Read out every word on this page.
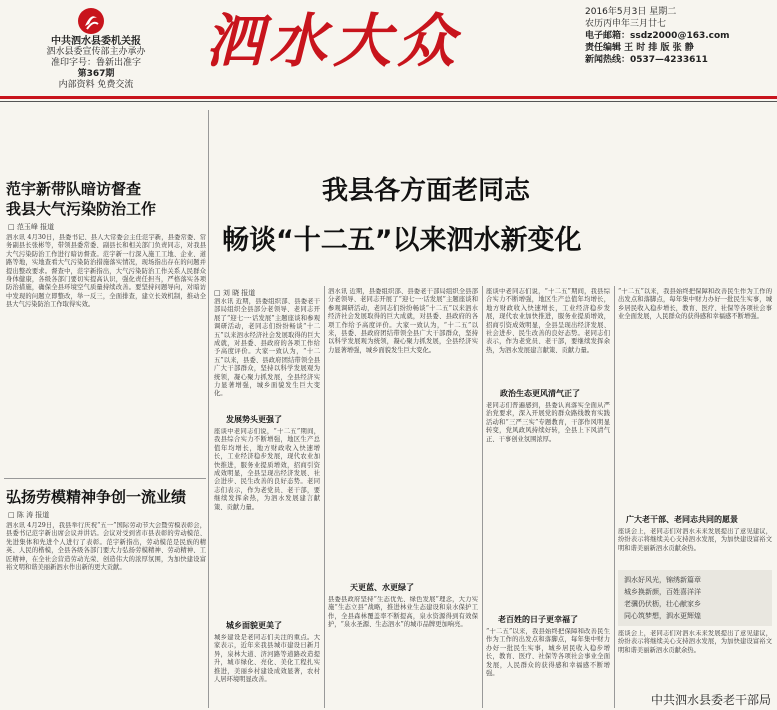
中共泗水县委机关报
泗水县委宣传部主办承办
准印字号：鲁新出准字
第367期
内部资料 免费交流
泗水大众	2016年5月3日 星期二
农历丙申年三月廿七
电子邮箱：ssdz2000@163.com
责任编辑 王 时 排 版 张 静
新闻热线：0537—4233611
范宇新带队暗访督查
我县大气污染防治工作
□ 范玉峰 报道
泗水讯 4月30日，县委书记、县人大常委会主任范宇新，县委常委、常务副县长张彬等，带领县委常委、副县长和相关部门负责同志，对我县大气污染防治工作进行暗访督查。范宇新一行深入施工工地、企业、道路等地，实地查看大气污染防治措施落实情况，现场指出存在的问题并提出整改要求。督查中，范宇新指出，大气污染防治工作关系人民群众身体健康，各级各部门要切实提高认识，强化责任担当，严格落实各项防治措施，确保全县环境空气质量持续改善。要坚持问题导向，对暗访中发现的问题立即整改，举一反三，全面排查，建立长效机制，推动全县大气污染防治工作取得实效。
弘扬劳模精神争创一流业绩
□ 陈 涛 报道
泗水讯 4月29日，我县举行庆祝“五一”国际劳动节大会暨劳模表彰会，县委书记范宇新出席会议并讲话。会议对受到省市县表彰的劳动模范、先进集体和先进个人进行了表彰。范宇新指出，劳动模范是民族的精英、人民的楷模，全县各级各部门要大力弘扬劳模精神、劳动精神、工匠精神，在全社会营造劳动光荣、创造伟大的浓厚氛围，为加快建设富裕文明和谐美丽新泗水作出新的更大贡献。
我县各方面老同志
畅谈“十二五”以来泗水新变化
□ 刘 晓 报道
泗水讯 近期，县委组织部、县委老干部局组织全县部分老领导、老同志开展了“迎七一·话发展”主题座谈和参观调研活动，老同志们纷纷畅谈“十二五”以来泗水经济社会发展取得的巨大成就，对县委、县政府的各项工作给予高度评价。大家一致认为，“十二五”以来，县委、县政府团结带领全县广大干部群众，坚持以科学发展观为统领，凝心聚力抓发展，全县经济实力显著增强，城乡面貌发生巨大变化。
发展势头更强了
座谈中老同志们说，“十二五”期间，我县综合实力不断增强，地区生产总值年均增长，地方财政收入快速增长，工业经济稳步发展，现代农业加快推进，服务业提质增效，招商引资成效明显，全县呈现出经济发展、社会进步、民生改善的良好态势。老同志们表示，作为老党员、老干部，要继续发挥余热，为泗水发展建言献策、贡献力量。
城乡面貌更美了
城乡建设是老同志们关注的重点。大家表示，近年来我县城市建设日新月异，泉林大道、济河路等道路改造提升，城市绿化、亮化、美化工程扎实推进，美丽乡村建设成效显著，农村人居环境明显改善。
泗水讯 近期，县委组织部、县委老干部局组织全县部分老领导、老同志开展了“迎七一·话发展”主题座谈和参观调研活动，老同志们纷纷畅谈“十二五”以来泗水经济社会发展取得的巨大成就，对县委、县政府的各项工作给予高度评价。大家一致认为，“十二五”以来，县委、县政府团结带领全县广大干部群众，坚持以科学发展观为统领，凝心聚力抓发展，全县经济实力显著增强，城乡面貌发生巨大变化。
天更蓝、水更绿了
县委县政府坚持“生态优先、绿色发展”理念，大力实施“生态立县”战略，推进林业生态建设和泉水保护工作，全县森林覆盖率不断提高，泉水资源得到有效保护，“泉水圣源、生态泗水”的城市品牌更加响亮。
座谈中老同志们说，“十二五”期间，我县综合实力不断增强，地区生产总值年均增长，地方财政收入快速增长，工业经济稳步发展，现代农业加快推进，服务业提质增效，招商引资成效明显，全县呈现出经济发展、社会进步、民生改善的良好态势。老同志们表示，作为老党员、老干部，要继续发挥余热，为泗水发展建言献策、贡献力量。
政治生态更风清气正了
老同志们普遍感到，县委认真落实全面从严治党要求，深入开展党的群众路线教育实践活动和“三严三实”专题教育，干部作风明显转变，党风政风持续好转，全县上下风清气正、干事创业氛围浓厚。
老百姓的日子更幸福了
“十二五”以来，我县始终把保障和改善民生作为工作的出发点和落脚点，每年集中财力办好一批民生实事，城乡居民收入稳步增长，教育、医疗、社保等各项社会事业全面发展，人民群众的获得感和幸福感不断增强。
“十二五”以来，我县始终把保障和改善民生作为工作的出发点和落脚点，每年集中财力办好一批民生实事，城乡居民收入稳步增长，教育、医疗、社保等各项社会事业全面发展，人民群众的获得感和幸福感不断增强。
广大老干部、老同志共同的愿景
座谈会上，老同志们对泗水未来发展提出了意见建议，纷纷表示将继续关心支持泗水发展，为加快建设富裕文明和谐美丽新泗水贡献余热。
泗水好风光，锦绣新篇章
城乡换新颜，百姓喜洋洋
老骥仍伏枥，壮心献家乡
同心筑梦想，泗水更辉煌
座谈会上，老同志们对泗水未来发展提出了意见建议，纷纷表示将继续关心支持泗水发展，为加快建设富裕文明和谐美丽新泗水贡献余热。
中共泗水县委老干部局
